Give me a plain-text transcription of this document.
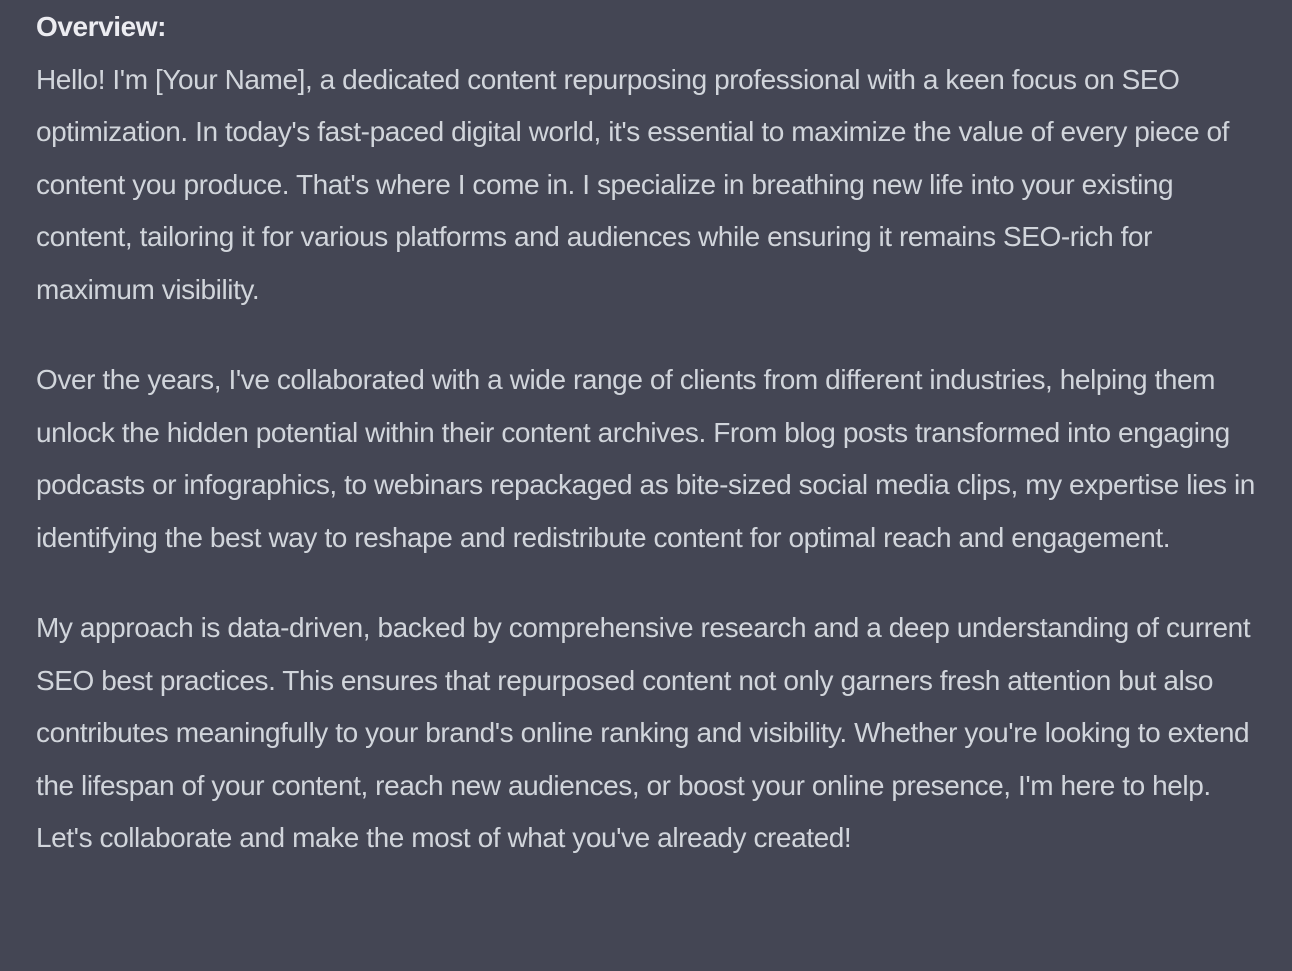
Overview:

Hello! I'm [Your Name], a dedicated content repurposing professional with a keen focus on SEO optimization. In today's fast-paced digital world, it's essential to maximize the value of every piece of content you produce. That's where I come in. I specialize in breathing new life into your existing content, tailoring it for various platforms and audiences while ensuring it remains SEO-rich for maximum visibility.

Over the years, I've collaborated with a wide range of clients from different industries, helping them unlock the hidden potential within their content archives. From blog posts transformed into engaging podcasts or infographics, to webinars repackaged as bite-sized social media clips, my expertise lies in identifying the best way to reshape and redistribute content for optimal reach and engagement.

My approach is data-driven, backed by comprehensive research and a deep understanding of current SEO best practices. This ensures that repurposed content not only garners fresh attention but also contributes meaningfully to your brand's online ranking and visibility. Whether you're looking to extend the lifespan of your content, reach new audiences, or boost your online presence, I'm here to help. Let's collaborate and make the most of what you've already created!
